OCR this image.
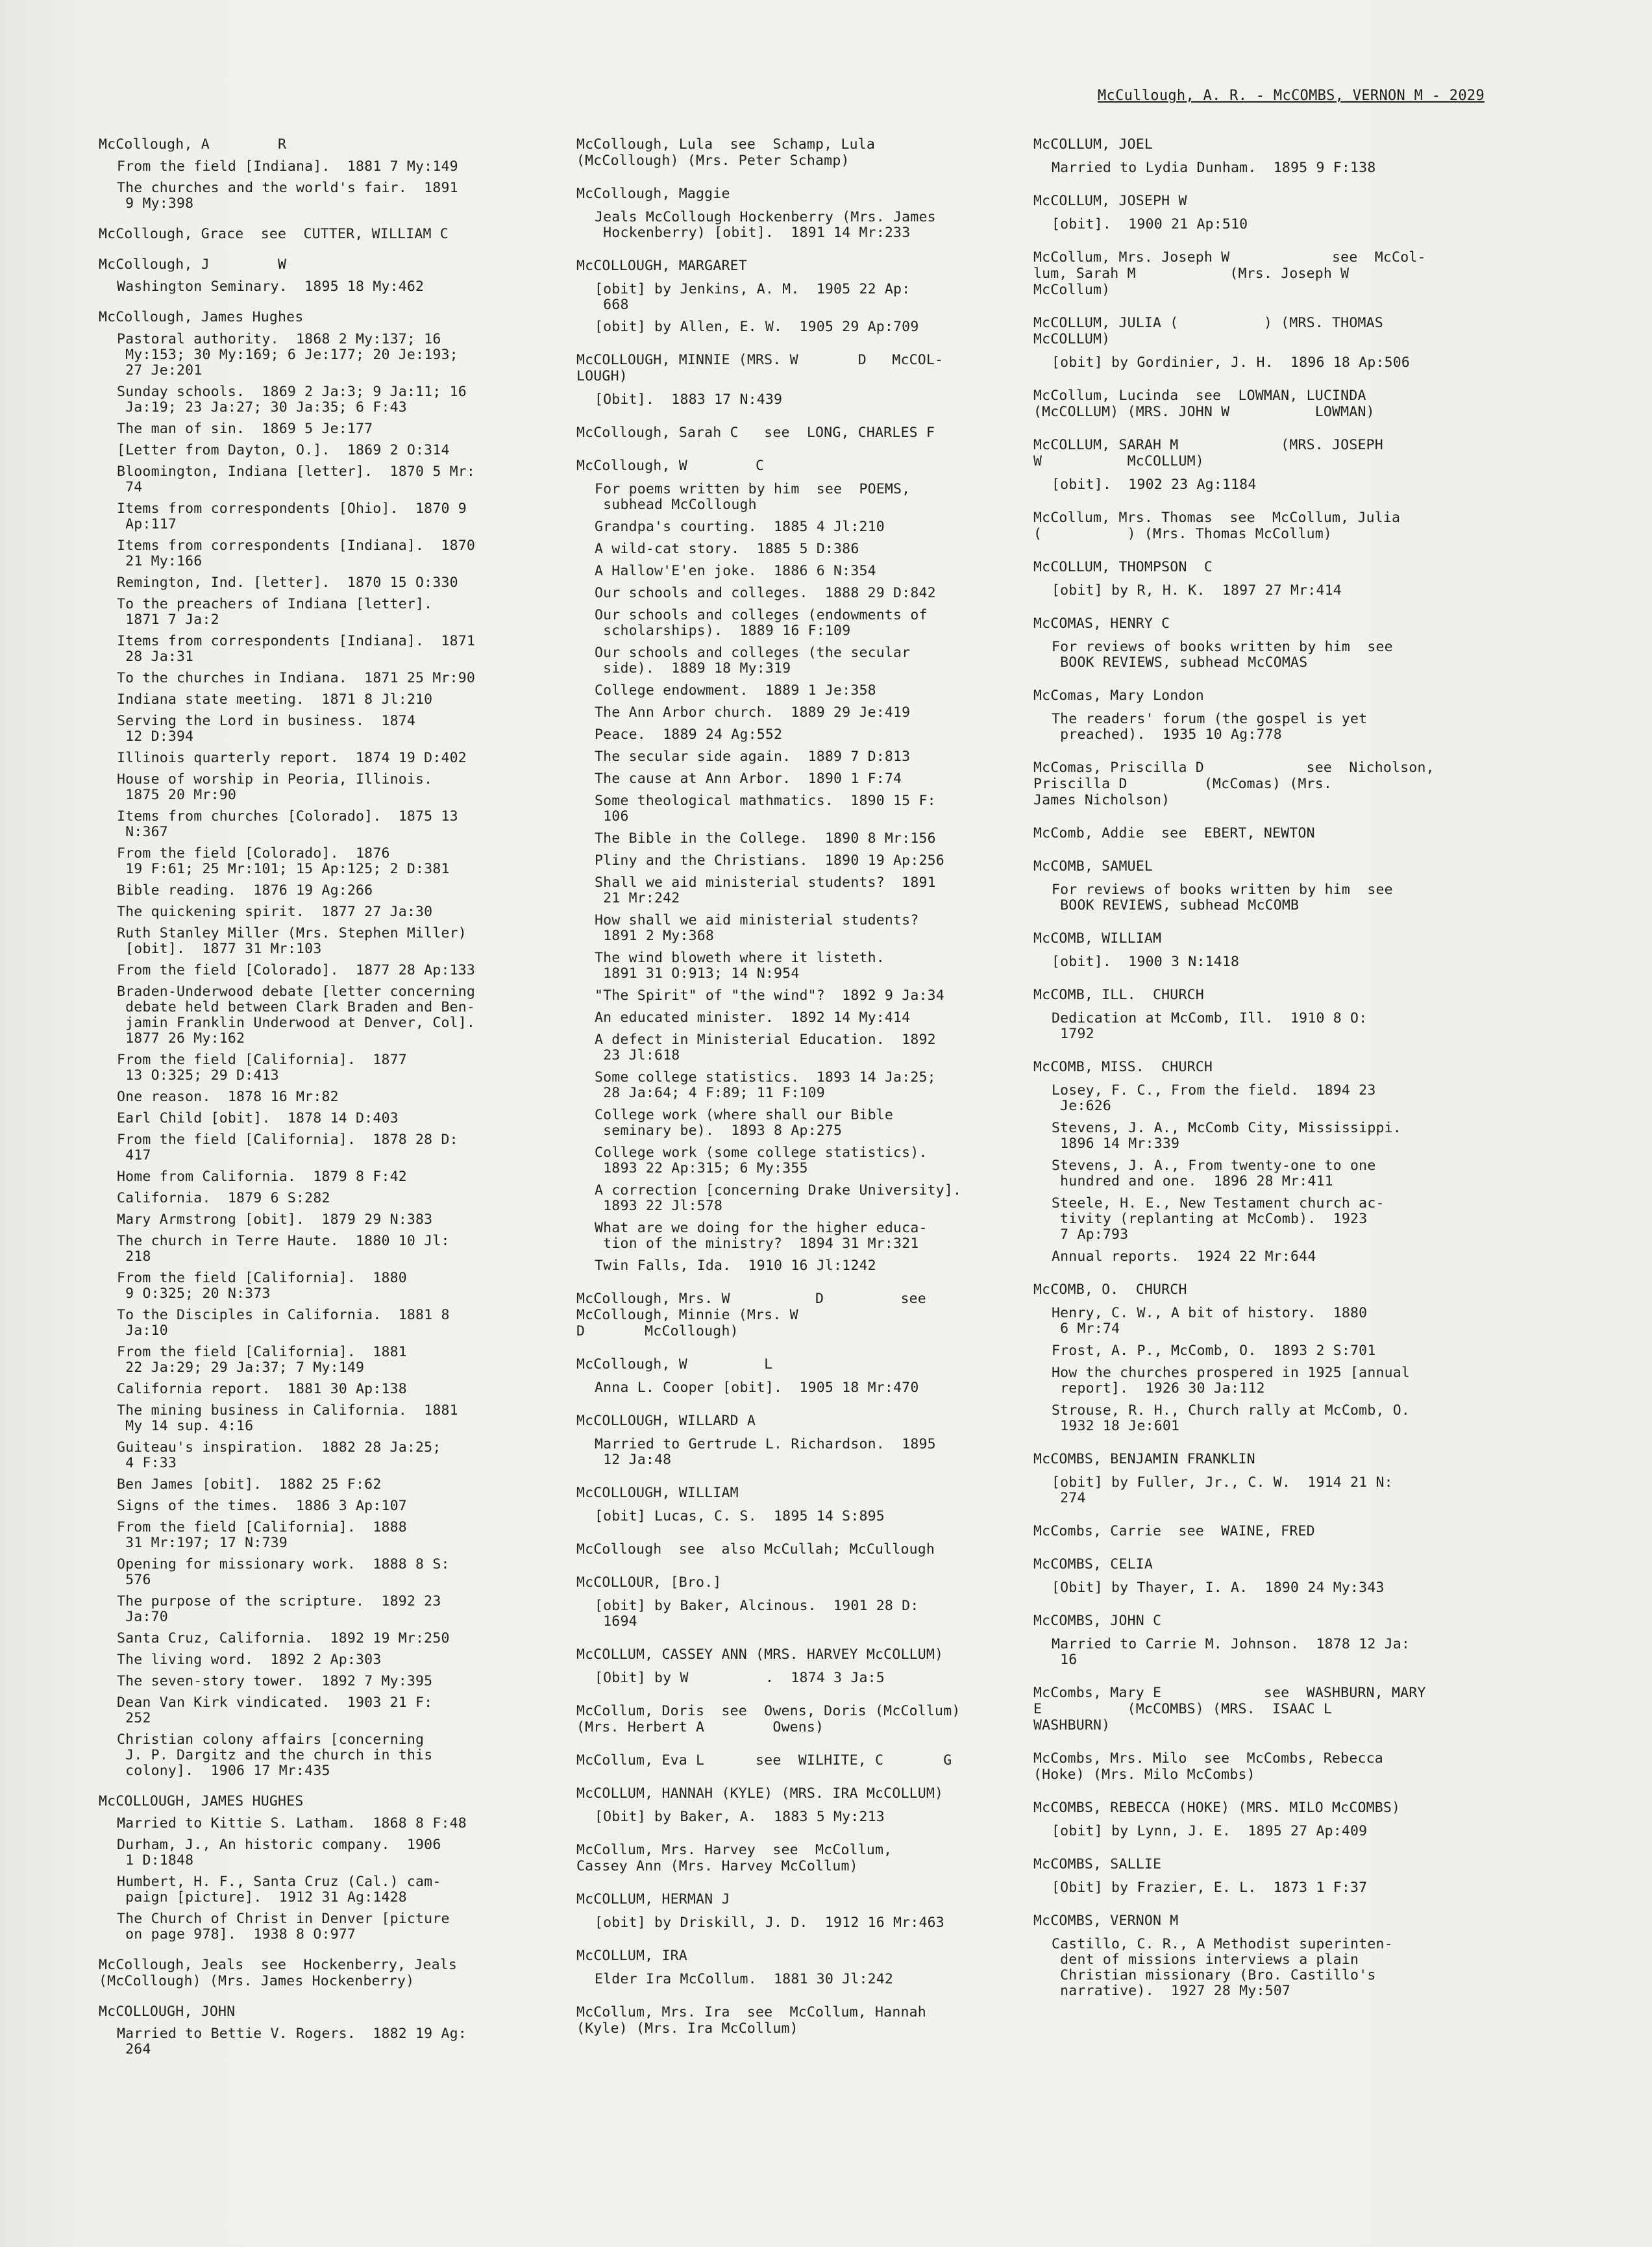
McCullough, A. R. - McCOMBS, VERNON M - 2029
McCollough, A        R
From the field [Indiana].  1881 7 My:149
The churches and the world's fair.  1891
9 My:398
McCollough, Grace  see  CUTTER, WILLIAM C
McCollough, J        W
Washington Seminary.  1895 18 My:462
McCollough, James Hughes
Pastoral authority.  1868 2 My:137; 16
My:153; 30 My:169; 6 Je:177; 20 Je:193;
27 Je:201
Sunday schools.  1869 2 Ja:3; 9 Ja:11; 16
Ja:19; 23 Ja:27; 30 Ja:35; 6 F:43
The man of sin.  1869 5 Je:177
[Letter from Dayton, O.].  1869 2 O:314
Bloomington, Indiana [letter].  1870 5 Mr:
74
Items from correspondents [Ohio].  1870 9
Ap:117
Items from correspondents [Indiana].  1870
21 My:166
Remington, Ind. [letter].  1870 15 O:330
To the preachers of Indiana [letter].
1871 7 Ja:2
Items from correspondents [Indiana].  1871
28 Ja:31
To the churches in Indiana.  1871 25 Mr:90
Indiana state meeting.  1871 8 Jl:210
Serving the Lord in business.  1874
12 D:394
Illinois quarterly report.  1874 19 D:402
House of worship in Peoria, Illinois.
1875 20 Mr:90
Items from churches [Colorado].  1875 13
N:367
From the field [Colorado].  1876
19 F:61; 25 Mr:101; 15 Ap:125; 2 D:381
Bible reading.  1876 19 Ag:266
The quickening spirit.  1877 27 Ja:30
Ruth Stanley Miller (Mrs. Stephen Miller)
[obit].  1877 31 Mr:103
From the field [Colorado].  1877 28 Ap:133
Braden-Underwood debate [letter concerning
debate held between Clark Braden and Ben-
jamin Franklin Underwood at Denver, Col].
1877 26 My:162
From the field [California].  1877
13 O:325; 29 D:413
One reason.  1878 16 Mr:82
Earl Child [obit].  1878 14 D:403
From the field [California].  1878 28 D:
417
Home from California.  1879 8 F:42
California.  1879 6 S:282
Mary Armstrong [obit].  1879 29 N:383
The church in Terre Haute.  1880 10 Jl:
218
From the field [California].  1880
9 O:325; 20 N:373
To the Disciples in California.  1881 8
Ja:10
From the field [California].  1881
22 Ja:29; 29 Ja:37; 7 My:149
California report.  1881 30 Ap:138
The mining business in California.  1881
My 14 sup. 4:16
Guiteau's inspiration.  1882 28 Ja:25;
4 F:33
Ben James [obit].  1882 25 F:62
Signs of the times.  1886 3 Ap:107
From the field [California].  1888
31 Mr:197; 17 N:739
Opening for missionary work.  1888 8 S:
576
The purpose of the scripture.  1892 23
Ja:70
Santa Cruz, California.  1892 19 Mr:250
The living word.  1892 2 Ap:303
The seven-story tower.  1892 7 My:395
Dean Van Kirk vindicated.  1903 21 F:
252
Christian colony affairs [concerning
J. P. Dargitz and the church in this
colony].  1906 17 Mr:435
McCOLLOUGH, JAMES HUGHES
Married to Kittie S. Latham.  1868 8 F:48
Durham, J., An historic company.  1906
1 D:1848
Humbert, H. F., Santa Cruz (Cal.) cam-
paign [picture].  1912 31 Ag:1428
The Church of Christ in Denver [picture
on page 978].  1938 8 O:977
McCollough, Jeals  see  Hockenberry, Jeals
(McCollough) (Mrs. James Hockenberry)
McCOLLOUGH, JOHN
Married to Bettie V. Rogers.  1882 19 Ag:
264
McCollough, Lula  see  Schamp, Lula
(McCollough) (Mrs. Peter Schamp)
McCollough, Maggie
Jeals McCollough Hockenberry (Mrs. James
Hockenberry) [obit].  1891 14 Mr:233
McCOLLOUGH, MARGARET
[obit] by Jenkins, A. M.  1905 22 Ap:
668
[obit] by Allen, E. W.  1905 29 Ap:709
McCOLLOUGH, MINNIE (MRS. W       D   McCOL-
LOUGH)
[Obit].  1883 17 N:439
McCollough, Sarah C   see  LONG, CHARLES F
McCollough, W        C
For poems written by him  see  POEMS,
subhead McCollough
Grandpa's courting.  1885 4 Jl:210
A wild-cat story.  1885 5 D:386
A Hallow'E'en joke.  1886 6 N:354
Our schools and colleges.  1888 29 D:842
Our schools and colleges (endowments of
scholarships).  1889 16 F:109
Our schools and colleges (the secular
side).  1889 18 My:319
College endowment.  1889 1 Je:358
The Ann Arbor church.  1889 29 Je:419
Peace.  1889 24 Ag:552
The secular side again.  1889 7 D:813
The cause at Ann Arbor.  1890 1 F:74
Some theological mathmatics.  1890 15 F:
106
The Bible in the College.  1890 8 Mr:156
Pliny and the Christians.  1890 19 Ap:256
Shall we aid ministerial students?  1891
21 Mr:242
How shall we aid ministerial students?
1891 2 My:368
The wind bloweth where it listeth.
1891 31 O:913; 14 N:954
"The Spirit" of "the wind"?  1892 9 Ja:34
An educated minister.  1892 14 My:414
A defect in Ministerial Education.  1892
23 Jl:618
Some college statistics.  1893 14 Ja:25;
28 Ja:64; 4 F:89; 11 F:109
College work (where shall our Bible
seminary be).  1893 8 Ap:275
College work (some college statistics).
1893 22 Ap:315; 6 My:355
A correction [concerning Drake University].
1893 22 Jl:578
What are we doing for the higher educa-
tion of the ministry?  1894 31 Mr:321
Twin Falls, Ida.  1910 16 Jl:1242
McCollough, Mrs. W          D         see
McCollough, Minnie (Mrs. W
D       McCollough)
McCollough, W         L
Anna L. Cooper [obit].  1905 18 Mr:470
McCOLLOUGH, WILLARD A
Married to Gertrude L. Richardson.  1895
12 Ja:48
McCOLLOUGH, WILLIAM
[obit] Lucas, C. S.  1895 14 S:895
McCollough  see  also McCullah; McCullough
McCOLLOUR, [Bro.]
[obit] by Baker, Alcinous.  1901 28 D:
1694
McCOLLUM, CASSEY ANN (MRS. HARVEY McCOLLUM)
[Obit] by W         .  1874 3 Ja:5
McCollum, Doris  see  Owens, Doris (McCollum)
(Mrs. Herbert A        Owens)
McCollum, Eva L      see  WILHITE, C       G
McCOLLUM, HANNAH (KYLE) (MRS. IRA McCOLLUM)
[Obit] by Baker, A.  1883 5 My:213
McCollum, Mrs. Harvey  see  McCollum,
Cassey Ann (Mrs. Harvey McCollum)
McCOLLUM, HERMAN J
[obit] by Driskill, J. D.  1912 16 Mr:463
McCOLLUM, IRA
Elder Ira McCollum.  1881 30 Jl:242
McCollum, Mrs. Ira  see  McCollum, Hannah
(Kyle) (Mrs. Ira McCollum)
McCOLLUM, JOEL
Married to Lydia Dunham.  1895 9 F:138
McCOLLUM, JOSEPH W
[obit].  1900 21 Ap:510
McCollum, Mrs. Joseph W            see  McCol-
lum, Sarah M           (Mrs. Joseph W
McCollum)
McCOLLUM, JULIA (          ) (MRS. THOMAS
McCOLLUM)
[obit] by Gordinier, J. H.  1896 18 Ap:506
McCollum, Lucinda  see  LOWMAN, LUCINDA
(McCOLLUM) (MRS. JOHN W          LOWMAN)
McCOLLUM, SARAH M            (MRS. JOSEPH
W          McCOLLUM)
[obit].  1902 23 Ag:1184
McCollum, Mrs. Thomas  see  McCollum, Julia
(          ) (Mrs. Thomas McCollum)
McCOLLUM, THOMPSON  C
[obit] by R, H. K.  1897 27 Mr:414
McCOMAS, HENRY C
For reviews of books written by him  see
BOOK REVIEWS, subhead McCOMAS
McComas, Mary London
The readers' forum (the gospel is yet
preached).  1935 10 Ag:778
McComas, Priscilla D            see  Nicholson,
Priscilla D         (McComas) (Mrs.
James Nicholson)
McComb, Addie  see  EBERT, NEWTON
McCOMB, SAMUEL
For reviews of books written by him  see
BOOK REVIEWS, subhead McCOMB
McCOMB, WILLIAM
[obit].  1900 3 N:1418
McCOMB, ILL.  CHURCH
Dedication at McComb, Ill.  1910 8 O:
1792
McCOMB, MISS.  CHURCH
Losey, F. C., From the field.  1894 23
Je:626
Stevens, J. A., McComb City, Mississippi.
1896 14 Mr:339
Stevens, J. A., From twenty-one to one
hundred and one.  1896 28 Mr:411
Steele, H. E., New Testament church ac-
tivity (replanting at McComb).  1923
7 Ap:793
Annual reports.  1924 22 Mr:644
McCOMB, O.  CHURCH
Henry, C. W., A bit of history.  1880
6 Mr:74
Frost, A. P., McComb, O.  1893 2 S:701
How the churches prospered in 1925 [annual
report].  1926 30 Ja:112
Strouse, R. H., Church rally at McComb, O.
1932 18 Je:601
McCOMBS, BENJAMIN FRANKLIN
[obit] by Fuller, Jr., C. W.  1914 21 N:
274
McCombs, Carrie  see  WAINE, FRED
McCOMBS, CELIA
[Obit] by Thayer, I. A.  1890 24 My:343
McCOMBS, JOHN C
Married to Carrie M. Johnson.  1878 12 Ja:
16
McCombs, Mary E            see  WASHBURN, MARY
E          (McCOMBS) (MRS.  ISAAC L
WASHBURN)
McCombs, Mrs. Milo  see  McCombs, Rebecca
(Hoke) (Mrs. Milo McCombs)
McCOMBS, REBECCA (HOKE) (MRS. MILO McCOMBS)
[obit] by Lynn, J. E.  1895 27 Ap:409
McCOMBS, SALLIE
[Obit] by Frazier, E. L.  1873 1 F:37
McCOMBS, VERNON M
Castillo, C. R., A Methodist superinten-
dent of missions interviews a plain
Christian missionary (Bro. Castillo's
narrative).  1927 28 My:507
